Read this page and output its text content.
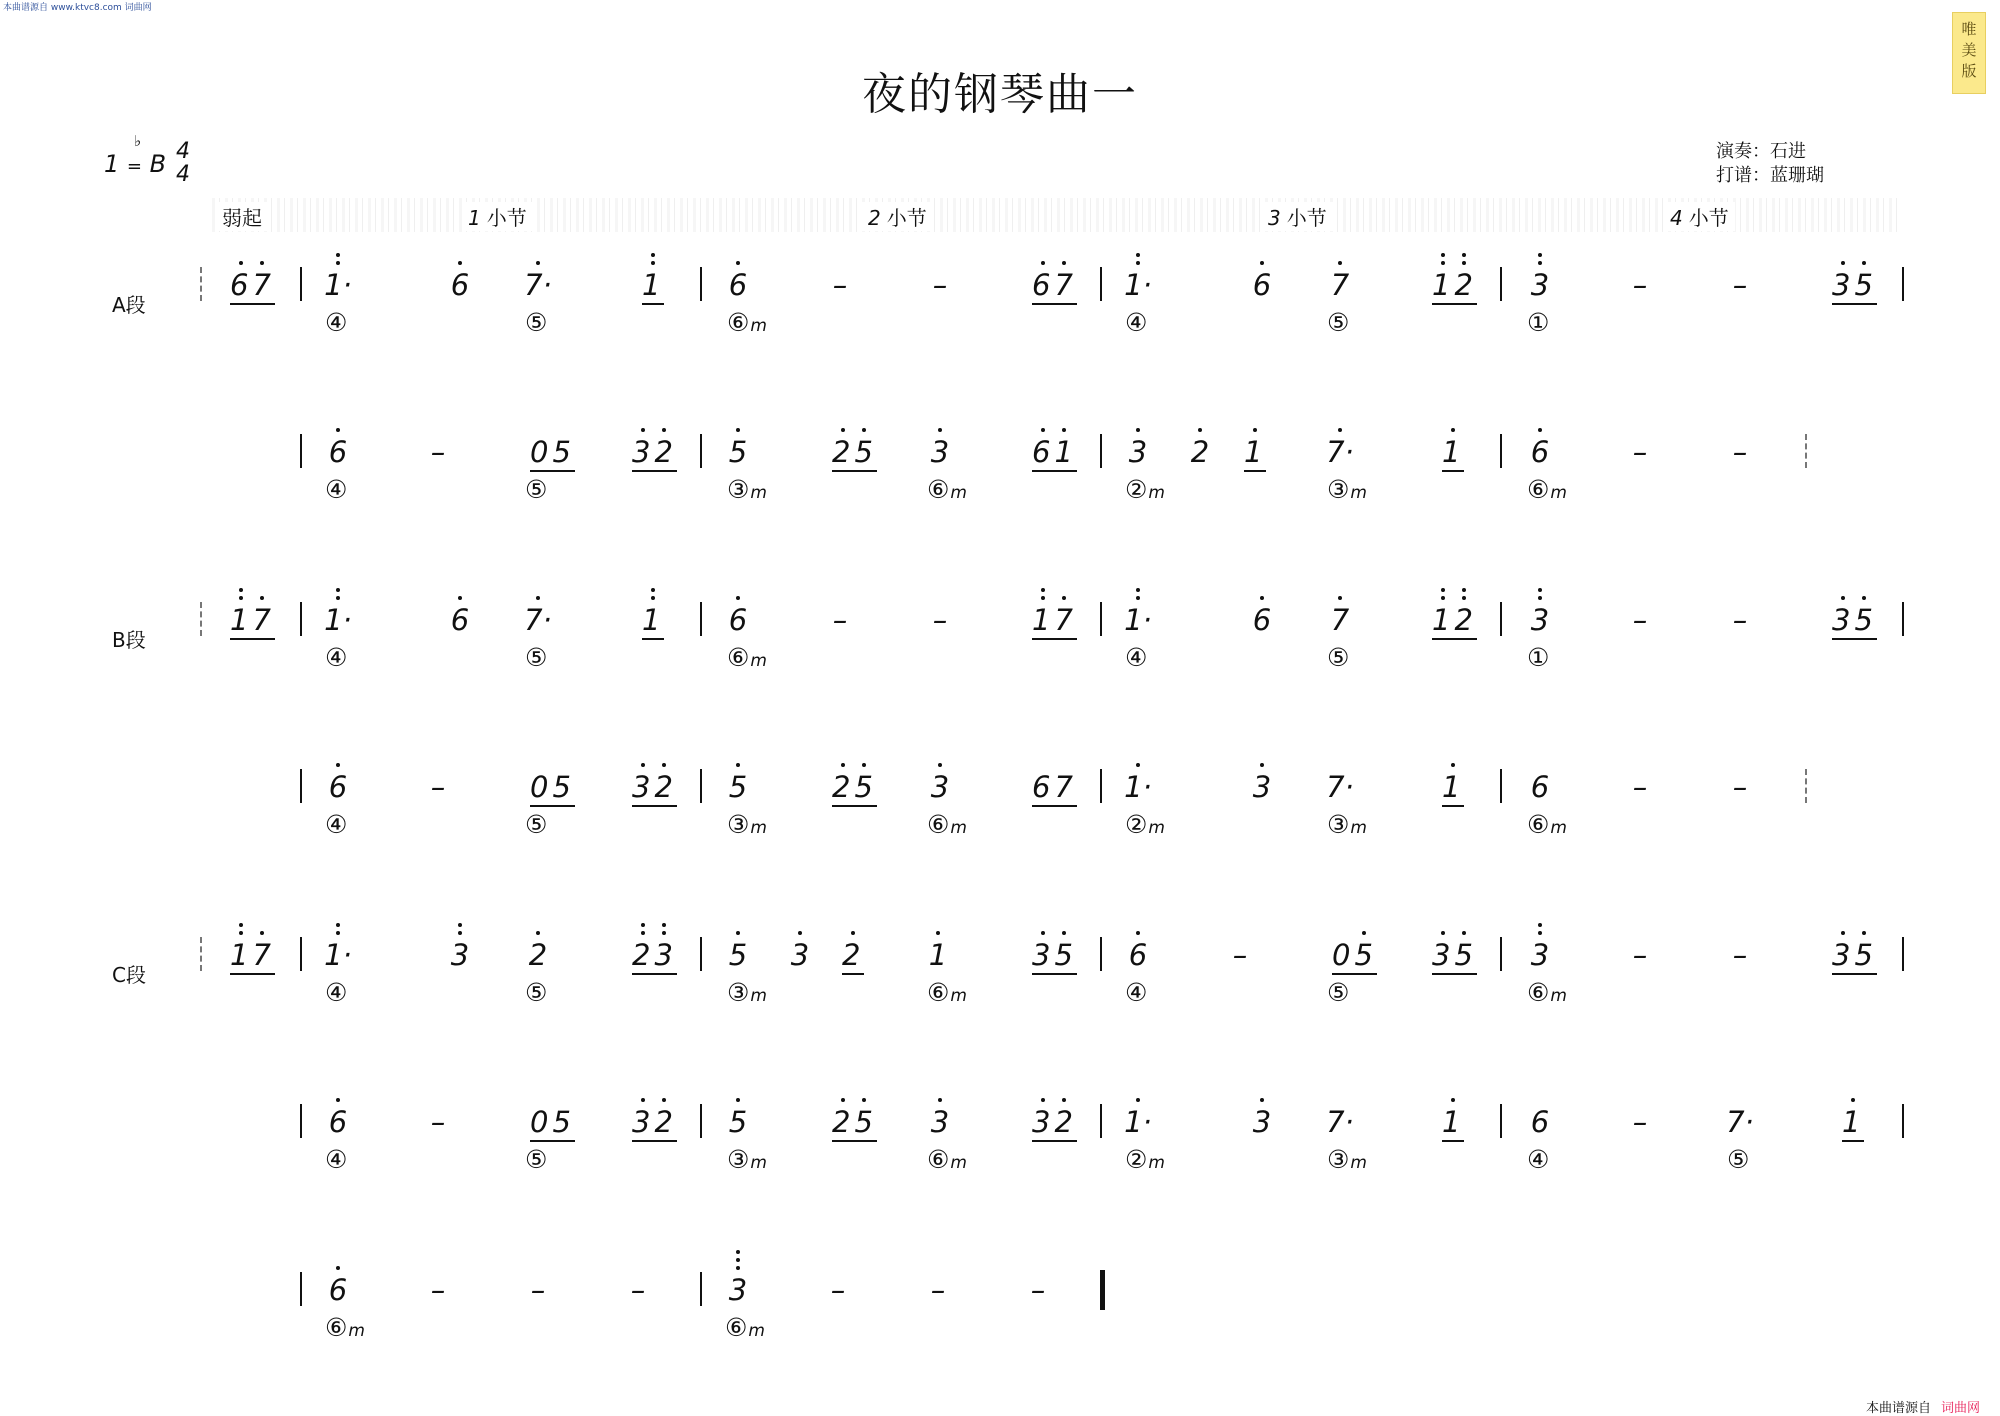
本曲谱源自 www.ktvc8.com 词曲网
唯
美
版
夜的钢琴曲一
1 =
♭
B 4
4
演奏：石进
打谱：蓝珊瑚
弱起	1 小节	2 小节	3 小节	4 小节
A段
B段
C段
67 1·	6	7·	1	6	–	–	67 1·	6	7	12	3	–	–	35
④	⑤	⑥m	④	⑤	①
6	–	05 32	5	25	3	61	3	2	1 7·	1	6	–	–
④	⑤	③m	⑥m	②m	③m	⑥m
17 1·	6	7·	1	6	–	–	17 1·	6	7	12	3	–	–	35
④	⑤	⑥m	④	⑤	①
6	–	05 32	5	25	3	67 1·	3	7·	1	6	–	–
④	⑤	③m	⑥m	②m	③m	⑥m
17 1·	3	2	23	5	3	2	1	35	6	–	05 35	3	–	–	35
④	⑤	③m	⑥m	④	⑤	⑥m
6	–	05 32	5	25	3	32 1·	3	7·	1	6	–	7·	1
④	⑤	③m	⑥m	②m	③m	④	⑤
6	–	–	–	3	–	–	–
⑥m	⑥m
本曲谱源自 词曲网
